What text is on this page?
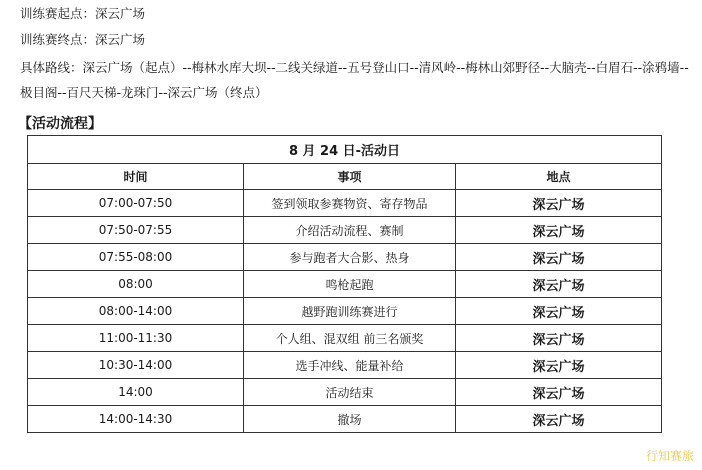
训练赛起点：深云广场
训练赛终点：深云广场
具体路线：深云广场（起点）--梅林水库大坝--二线关绿道--五号登山口--清风岭--梅林山郊野径--大脑壳--白眉石--涂鸦墙--极目阁--百尺天梯-龙珠门--深云广场（终点）
【活动流程】
8 月 24 日-活动日		
时间	事项	地点
07:00-07:50	签到领取参赛物资、寄存物品	深云广场
07:50-07:55	介绍活动流程、赛制	深云广场
07:55-08:00	参与跑者大合影、热身	深云广场
08:00	鸣枪起跑	深云广场
08:00-14:00	越野跑训练赛进行	深云广场
11:00-11:30	个人组、混双组 前三名颁奖	深云广场
10:30-14:00	选手冲线、能量补给	深云广场
14:00	活动结束	深云广场
14:00-14:30	撤场	深云广场
行知赛旅
